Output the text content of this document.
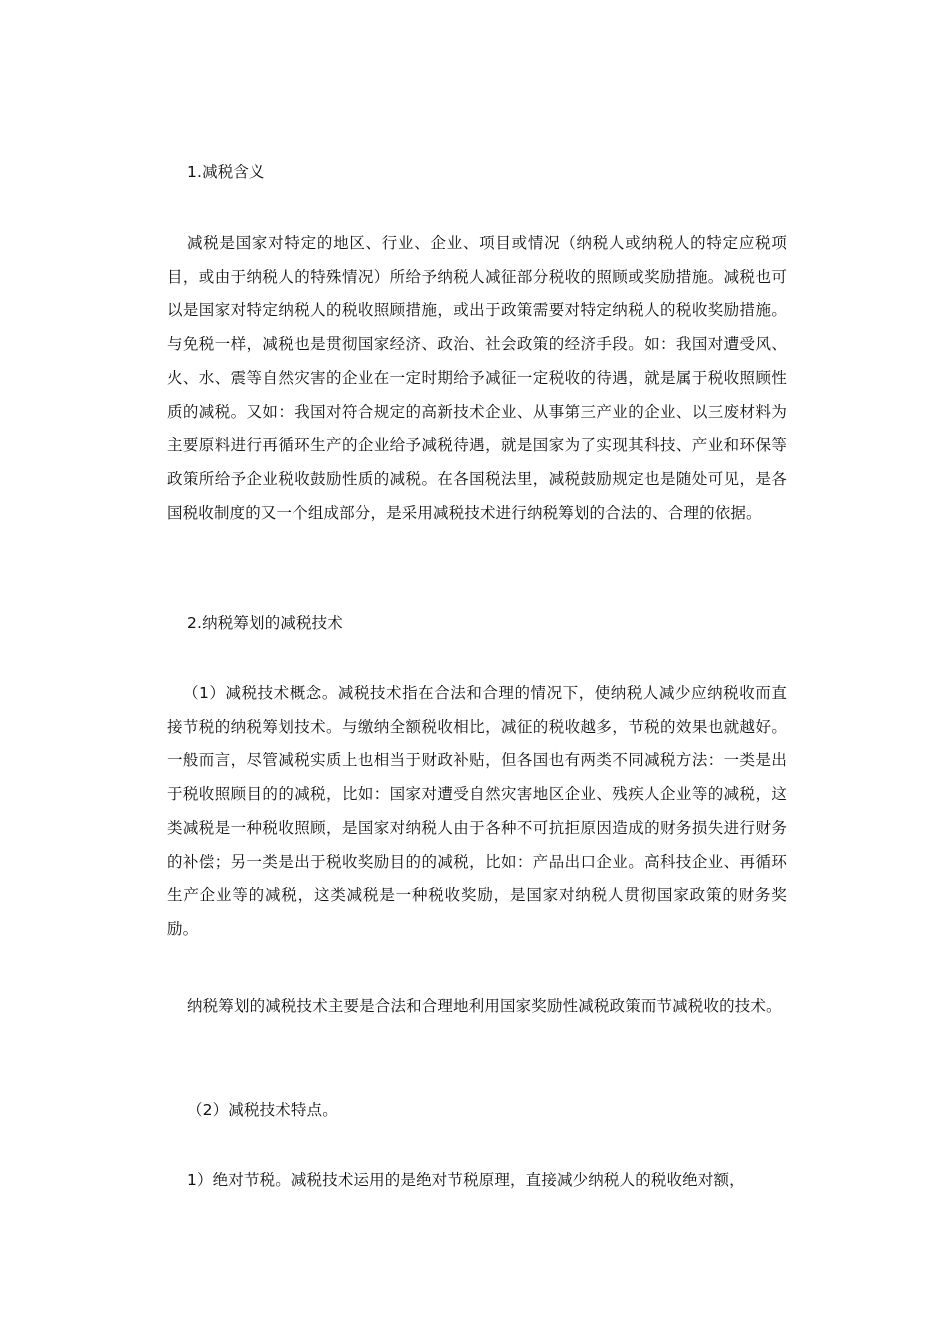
1.减税含义
减税是国家对特定的地区、行业、企业、项目或情况（纳税人或纳税人的特定应税项目，或由于纳税人的特殊情况）所给予纳税人减征部分税收的照顾或奖励措施。减税也可以是国家对特定纳税人的税收照顾措施，或出于政策需要对特定纳税人的税收奖励措施。与免税一样，减税也是贯彻国家经济、政治、社会政策的经济手段。如：我国对遭受风、火、水、震等自然灾害的企业在一定时期给予减征一定税收的待遇，就是属于税收照顾性质的减税。又如：我国对符合规定的高新技术企业、从事第三产业的企业、以三废材料为主要原料进行再循环生产的企业给予减税待遇，就是国家为了实现其科技、产业和环保等政策所给予企业税收鼓励性质的减税。在各国税法里，减税鼓励规定也是随处可见，是各国税收制度的又一个组成部分，是采用减税技术进行纳税筹划的合法的、合理的依据。
2.纳税筹划的减税技术
（1）减税技术概念。减税技术指在合法和合理的情况下，使纳税人减少应纳税收而直接节税的纳税筹划技术。与缴纳全额税收相比，减征的税收越多，节税的效果也就越好。一般而言，尽管减税实质上也相当于财政补贴，但各国也有两类不同减税方法：一类是出于税收照顾目的的减税，比如：国家对遭受自然灾害地区企业、残疾人企业等的减税，这类减税是一种税收照顾，是国家对纳税人由于各种不可抗拒原因造成的财务损失进行财务的补偿；另一类是出于税收奖励目的的减税，比如：产品出口企业。高科技企业、再循环生产企业等的减税，这类减税是一种税收奖励，是国家对纳税人贯彻国家政策的财务奖励。
纳税筹划的减税技术主要是合法和合理地利用国家奖励性减税政策而节减税收的技术。
（2）减税技术特点。
1）绝对节税。减税技术运用的是绝对节税原理，直接减少纳税人的税收绝对额，
